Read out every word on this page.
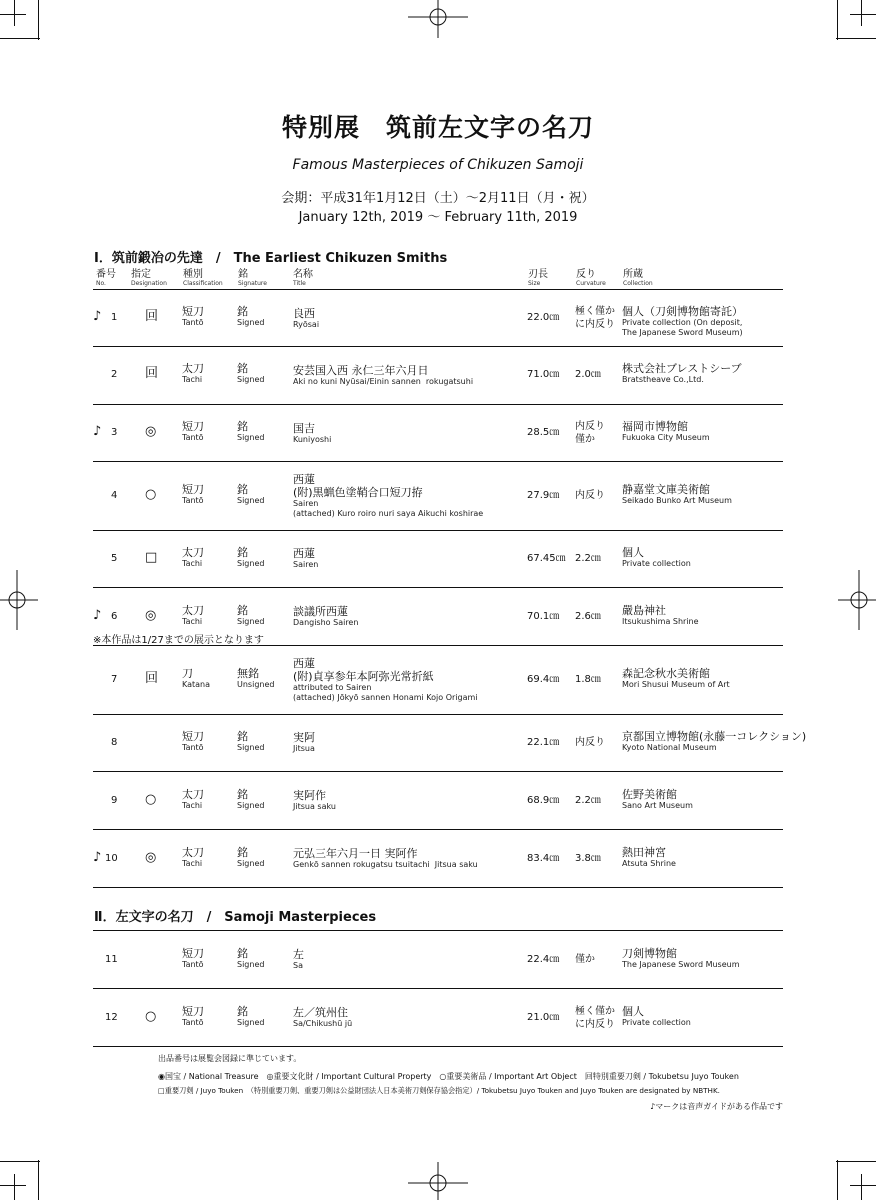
特別展　筑前左文字の名刀
Famous Masterpieces of Chikuzen Samoji
会期：平成31年1月12日（土）〜2月11日（月・祝）
January 12th, 2019 〜 February 11th, 2019
Ⅰ．筑前鍛冶の先達　/　The Earliest Chikuzen Smiths
Ⅱ．左文字の名刀　/　Samoji Masterpieces
番号
No.
指定
Designation
種別
Classification
銘
Signature
名称
Title
刃長
Size
反り
Curvature
所蔵
Collection
♪ 1 回 短刀
Tantō
銘
Signed
良西
Ryōsai
22.0㎝
極く僅か
に内反り
個人（刀剣博物館寄託）
Private collection (On deposit,
The Japanese Sword Museum)
2 回 太刀
Tachi
銘
Signed
安芸国入西 永仁三年六月日
Aki no kuni Nyūsai/Einin sannen  rokugatsuhi
71.0㎝ 2.0㎝ 株式会社ブレストシーブ
Bratstheave Co.,Ltd.
♪ 3 ◎ 短刀
Tantō
銘
Signed
国吉
Kuniyoshi
28.5㎝
内反り
僅か
福岡市博物館
Fukuoka City Museum
4 ○ 短刀
Tantō
銘
Signed
西蓮
(附)黒蝋色塗鞘合口短刀拵
Sairen
(attached) Kuro roiro nuri saya Aikuchi koshirae
27.9㎝ 内反り 静嘉堂文庫美術館
Seikado Bunko Art Museum
5 □ 太刀
Tachi
銘
Signed
西蓮
Sairen
67.45㎝ 2.2㎝ 個人
Private collection
♪ 6 ◎ 太刀
Tachi
銘
Signed
談議所西蓮
Dangisho Sairen
70.1㎝ 2.6㎝ 嚴島神社
Itsukushima Shrine
7 回 刀
Katana
無銘
Unsigned
西蓮
(附)貞享参年本阿弥光常折紙
attributed to Sairen
(attached) Jōkyō sannen Honami Kojo Origami
69.4㎝ 1.8㎝ 森記念秋水美術館
Mori Shusui Museum of Art
8	短刀
Tantō
銘
Signed
実阿
Jitsua
22.1㎝ 内反り 京都国立博物館(永藤一コレクション)
Kyoto National Museum
9 ○ 太刀
Tachi
銘
Signed
実阿作
Jitsua saku
68.9㎝ 2.2㎝ 佐野美術館
Sano Art Museum
♪ 10 ◎ 太刀
Tachi
銘
Signed
元弘三年六月一日 実阿作
Genkō sannen rokugatsu tsuitachi  Jitsua saku
83.4㎝ 3.8㎝ 熱田神宮
Atsuta Shrine
11	短刀
Tantō
銘
Signed
左
Sa
22.4㎝ 僅か 刀剣博物館
The Japanese Sword Museum
12 ○ 短刀
Tantō
銘
Signed
左／筑州住
Sa/Chikushū jū
21.0㎝
極く僅か
に内反り
個人
Private collection
※本作品は1/27までの展示となります
出品番号は展覧会図録に準じています。
◉国宝 / National Treasure　◎重要文化財 / Important Cultural Property　○重要美術品 / Important Art Object　回特別重要刀剣 / Tokubetsu Juyo Touken
□重要刀剣 / Juyo Touken　（特別重要刀剣、重要刀剣は公益財団法人日本美術刀剣保存協会指定）/ Tokubetsu Juyo Touken and Juyo Touken are designated by NBTHK.
♪マークは音声ガイドがある作品です
